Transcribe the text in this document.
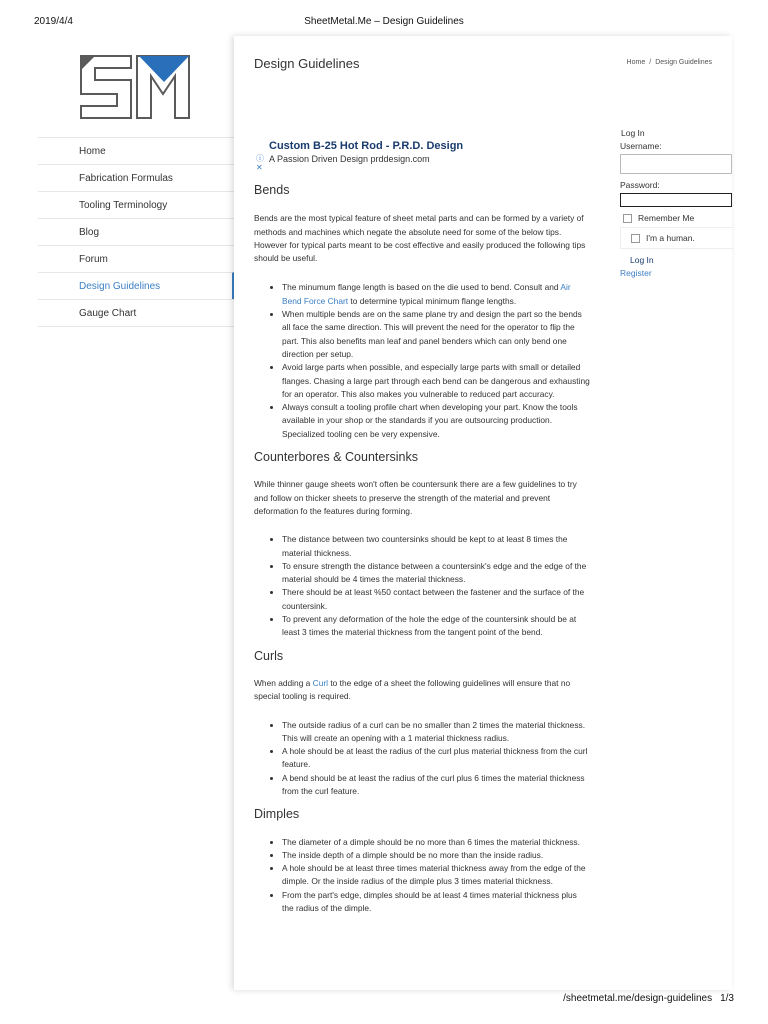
2019/4/4	SheetMetal.Me – Design Guidelines
Home
Fabrication Formulas
Tooling Terminology
Blog
Forum
Design Guidelines
Gauge Chart
Design Guidelines	Home / Design Guidelines
ⓘ
✕
Custom B-25 Hot Rod - P.R.D. Design
A Passion Driven Design prddesign.com
Bends

Bends are the most typical feature of sheet metal parts and can be formed by a variety of methods and machines which negate the absolute need for some of the below tips. However for typical parts meant to be cost effective and easily produced the following tips should be useful.

• The minumum flange length is based on the die used to bend. Consult and Air Bend Force Chart to determine typical minimum flange lengths.
• When multiple bends are on the same plane try and design the part so the bends all face the same direction. This will prevent the need for the operator to flip the part. This also benefits man leaf and panel benders which can only bend one direction per setup.
• Avoid large parts when possible, and especially large parts with small or detailed flanges. Chasing a large part through each bend can be dangerous and exhausting for an operator. This also makes you vulnerable to reduced part accuracy.
• Always consult a tooling profile chart when developing your part. Know the tools available in your shop or the standards if you are outsourcing production. Specialized tooling cen be very expensive.
Counterbores & Countersinks

While thinner gauge sheets won't often be countersunk there are a few guidelines to try and follow on thicker sheets to preserve the strength of the material and prevent deformation fo the features during forming.

• The distance between two countersinks should be kept to at least 8 times the material thickness.
• To ensure strength the distance between a countersink's edge and the edge of the material should be 4 times the material thickness.
• There should be at least %50 contact between the fastener and the surface of the countersink.
• To prevent any deformation of the hole the edge of the countersink should be at least 3 times the material thickness from the tangent point of the bend.
Curls

When adding a Curl to the edge of a sheet the following guidelines will ensure that no special tooling is required.

• The outside radius of a curl can be no smaller than 2 times the material thickness. This will create an opening with a 1 material thickness radius.
• A hole should be at least the radius of the curl plus material thickness from the curl feature.
• A bend should be at least the radius of the curl plus 6 times the material thickness from the curl feature.
Dimples
• The diameter of a dimple should be no more than 6 times the material thickness.
• The inside depth of a dimple should be no more than the inside radius.
• A hole should be at least three times material thickness away from the edge of the dimple. Or the inside radius of the dimple plus 3 times material thickness.
• From the part's edge, dimples should be at least 4 times material thickness plus the radius of the dimple.
Log In
Username:
Password:
Remember Me
I'm a human.
Log In
Register
/sheetmetal.me/design-guidelines 1/3
